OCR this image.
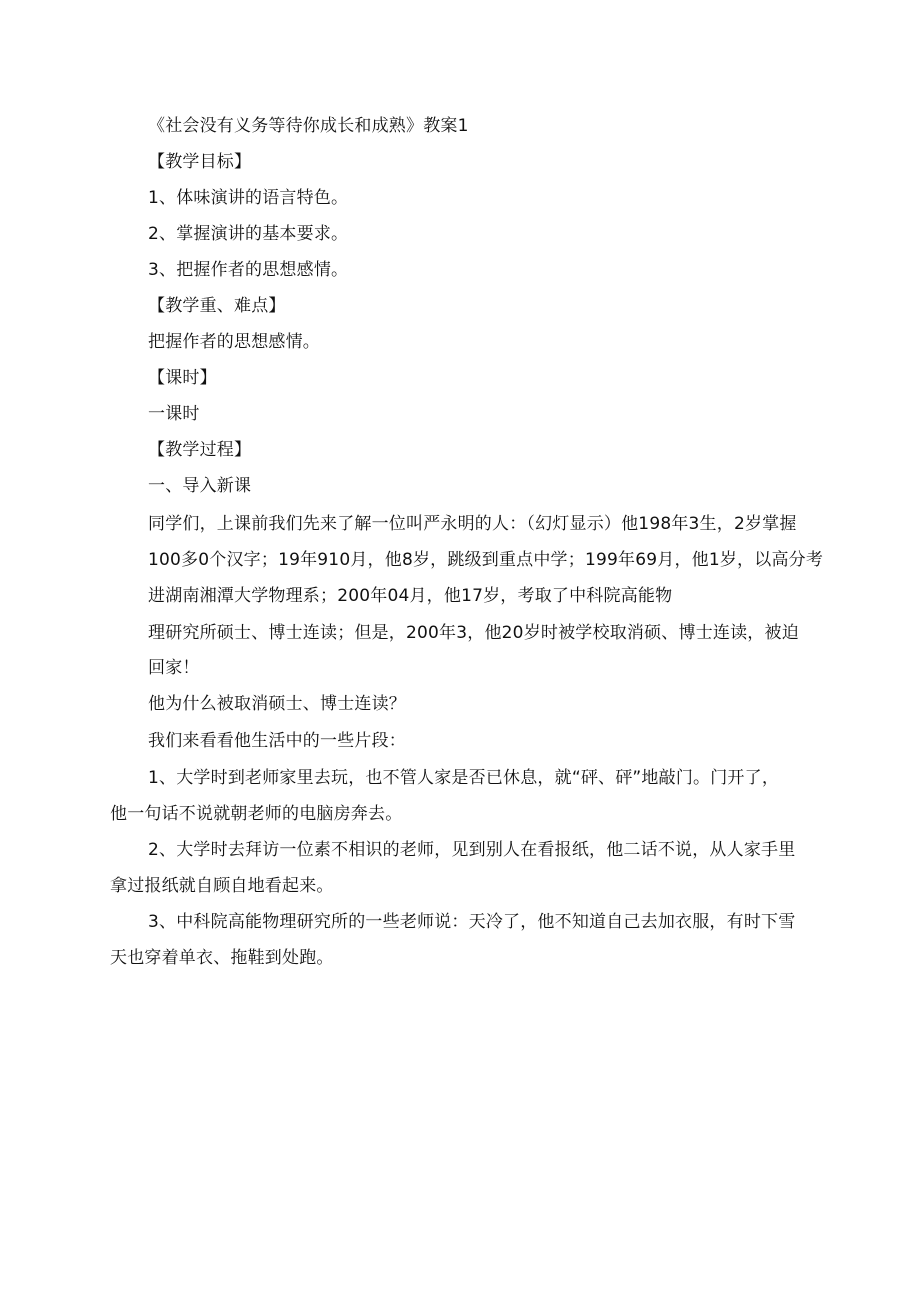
《社会没有义务等待你成长和成熟》教案1

【教学目标】

1、体味演讲的语言特色。

2、掌握演讲的基本要求。

3、把握作者的思想感情。

【教学重、难点】

把握作者的思想感情。

【课时】

一课时

【教学过程】

一、导入新课

同学们，上课前我们先来了解一位叫严永明的人：（幻灯显示）他198年3生，2岁掌握

100多0个汉字；19年910月，他8岁，跳级到重点中学；199年69月，他1岁，以高分考

进湖南湘潭大学物理系；200年04月，他17岁，考取了中科院高能物

理研究所硕士、博士连读；但是，200年3，他20岁时被学校取消硕、博士连读，被迫

回家！

他为什么被取消硕士、博士连读？

我们来看看他生活中的一些片段：

1、大学时到老师家里去玩，也不管人家是否已休息，就“砰、砰”地敲门。门开了，

他一句话不说就朝老师的电脑房奔去。

2、大学时去拜访一位素不相识的老师，见到别人在看报纸，他二话不说，从人家手里

拿过报纸就自顾自地看起来。

3、中科院高能物理研究所的一些老师说：天冷了，他不知道自己去加衣服，有时下雪

天也穿着单衣、拖鞋到处跑。
